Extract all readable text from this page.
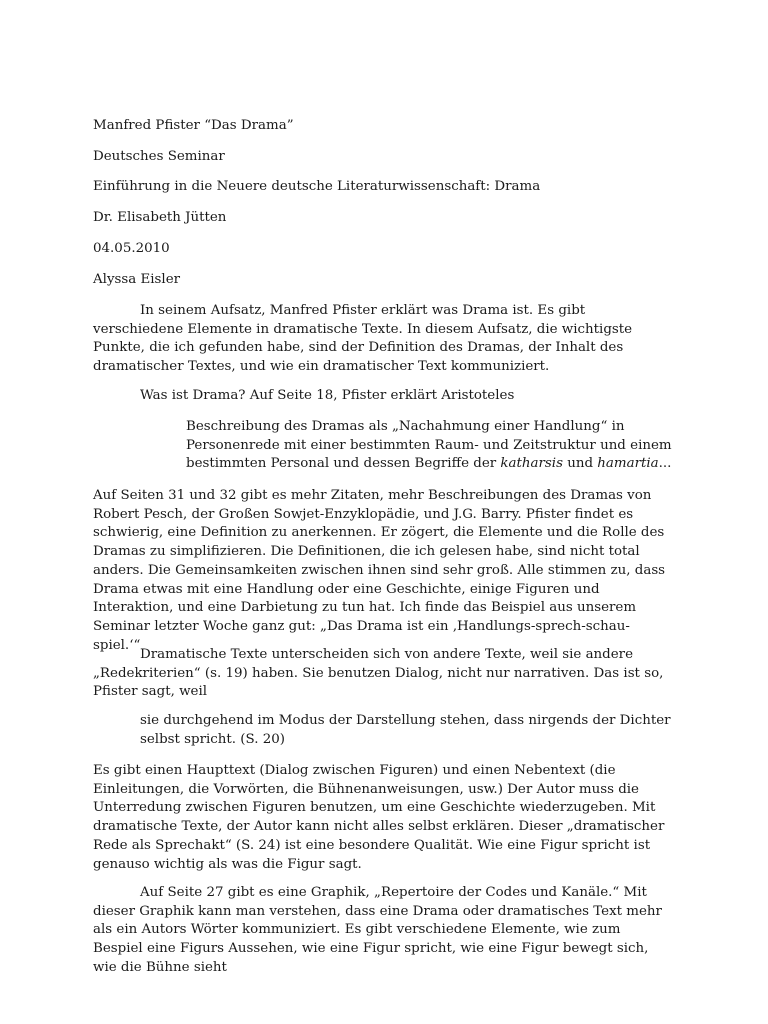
Manfred Pfister “Das Drama”
Deutsches Seminar
Einführung in die Neuere deutsche Literaturwissenschaft: Drama
Dr. Elisabeth Jütten
04.05.2010
Alyssa Eisler
In seinem Aufsatz, Manfred Pfister erklärt was Drama ist. Es gibt verschiedene Elemente in dramatische Texte. In diesem Aufsatz, die wichtigste Punkte, die ich gefunden habe, sind der Definition des Dramas, der Inhalt des dramatischer Textes, und wie ein dramatischer Text kommuniziert.
Was ist Drama? Auf Seite 18, Pfister erklärt Aristoteles
Beschreibung des Dramas als „Nachahmung einer Handlung“ in Personenrede mit einer bestimmten Raum- und Zeitstruktur und einem bestimmten Personal und dessen Begriffe der katharsis und hamartia...
Auf Seiten 31 und 32 gibt es mehr Zitaten, mehr Beschreibungen des Dramas von Robert Pesch, der Großen Sowjet-Enzyklopädie, und J.G. Barry. Pfister findet es schwierig, eine Definition zu anerkennen. Er zögert, die Elemente und die Rolle des Dramas zu simplifizieren. Die Definitionen, die ich gelesen habe, sind nicht total anders. Die Gemeinsamkeiten zwischen ihnen sind sehr groß. Alle stimmen zu, dass Drama etwas mit eine Handlung oder eine Geschichte, einige Figuren und Interaktion, und eine Darbietung zu tun hat. Ich finde das Beispiel aus unserem Seminar letzter Woche ganz gut: „Das Drama ist ein ‚Handlungs-sprech-schau-spiel.‘“
Dramatische Texte unterscheiden sich von andere Texte, weil sie andere „Redekriterien“ (s. 19) haben. Sie benutzen Dialog, nicht nur narrativen. Das ist so, Pfister sagt, weil
sie durchgehend im Modus der Darstellung stehen, dass nirgends der Dichter selbst spricht. (S. 20)
Es gibt einen Haupttext (Dialog zwischen Figuren) und einen Nebentext (die Einleitungen, die Vorwörten, die Bühnenanweisungen, usw.) Der Autor muss die Unterredung zwischen Figuren benutzen, um eine Geschichte wiederzugeben. Mit dramatische Texte, der Autor kann nicht alles selbst erklären. Dieser „dramatischer Rede als Sprechakt“ (S. 24) ist eine besondere Qualität. Wie eine Figur spricht ist genauso wichtig als was die Figur sagt.
Auf Seite 27 gibt es eine Graphik, „Repertoire der Codes und Kanäle.“ Mit dieser Graphik kann man verstehen, dass eine Drama oder dramatisches Text mehr als ein Autors Wörter kommuniziert. Es gibt verschiedene Elemente, wie zum Bespiel eine Figurs Aussehen, wie eine Figur spricht, wie eine Figur bewegt sich, wie die Bühne sieht
